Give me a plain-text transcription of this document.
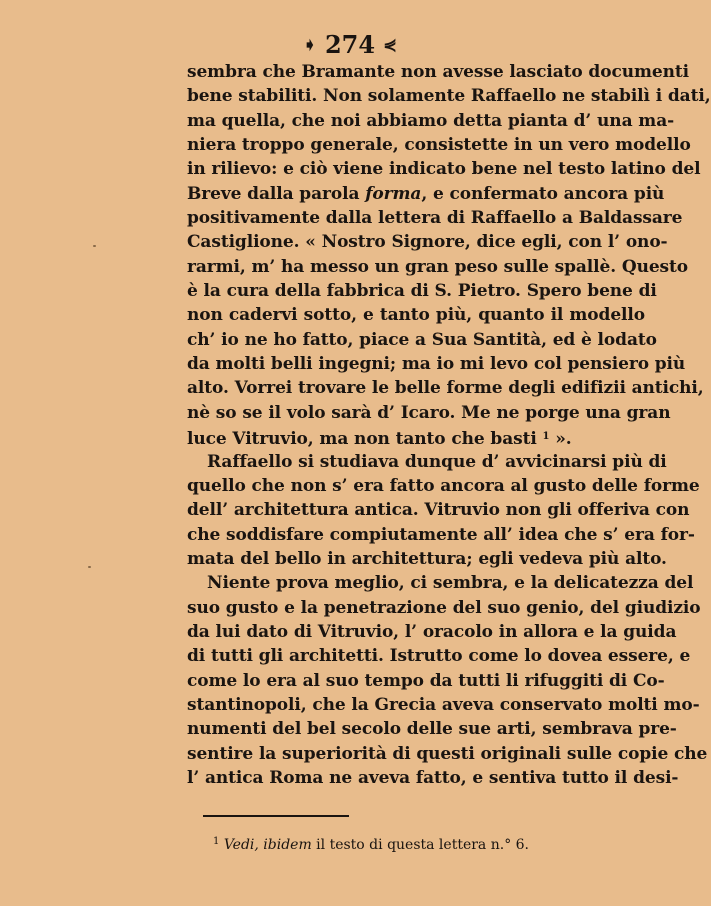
➧ 274 ⋞
sembra che Bramante non avesse lasciato documenti
bene stabiliti. Non solamente Raffaello ne stabilì i dati,
ma quella, che noi abbiamo detta pianta d’ una ma-
niera troppo generale, consistette in un vero modello
in rilievo: e ciò viene indicato bene nel testo latino del
Breve dalla parola forma, e confermato ancora più
positivamente dalla lettera di Raffaello a Baldassare
Castiglione. « Nostro Signore, dice egli, con l’ ono-
rarmi, m’ ha messo un gran peso sulle spallè. Questo
è la cura della fabbrica di S. Pietro. Spero bene di
non cadervi sotto, e tanto più, quanto il modello
ch’ io ne ho fatto, piace a Sua Santità, ed è lodato
da molti belli ingegni; ma io mi levo col pensiero più
alto. Vorrei trovare le belle forme degli edifizii antichi,
nè so se il volo sarà d’ Icaro. Me ne porge una gran
luce Vitruvio, ma non tanto che basti $^1$ ».
Raffaello si studiava dunque d’ avvicinarsi più di
quello che non s’ era fatto ancora al gusto delle forme
dell’ architettura antica. Vitruvio non gli offeriva con
che soddisfare compiutamente all’ idea che s’ era for-
mata del bello in architettura; egli vedeva più alto.
Niente prova meglio, ci sembra, e la delicatezza del
suo gusto e la penetrazione del suo genio, del giudizio
da lui dato di Vitruvio, l’ oracolo in allora e la guida
di tutti gli architetti. Istrutto come lo dovea essere, e
come lo era al suo tempo da tutti li rifuggiti di Co-
stantinopoli, che la Grecia aveva conservato molti mo-
numenti del bel secolo delle sue arti, sembrava pre-
sentire la superiorità di questi originali sulle copie che
l’ antica Roma ne aveva fatto, e sentiva tutto il desi-
$^1$ Vedi, ibidem il testo di questa lettera n.° 6.
